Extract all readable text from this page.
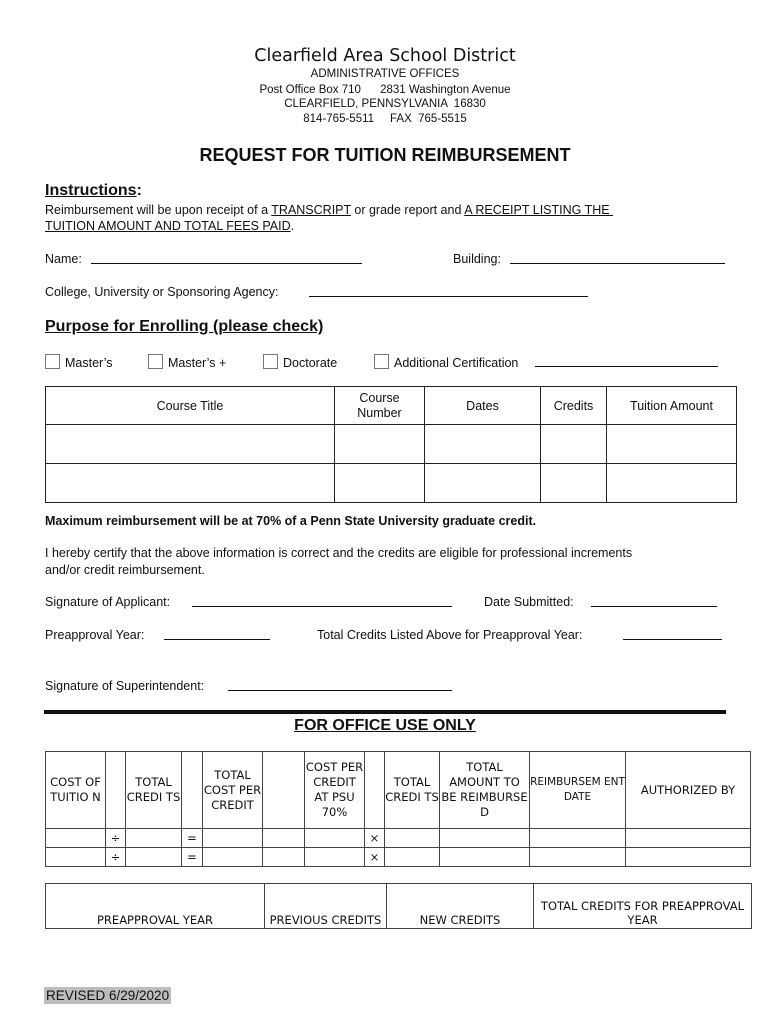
Clearfield Area School District
ADMINISTRATIVE OFFICES
Post Office Box 710      2831 Washington Avenue
CLEARFIELD, PENNSYLVANIA  16830
814-765-5511     FAX  765-5515
REQUEST FOR TUITION REIMBURSEMENT
Instructions:
Reimbursement will be upon receipt of a TRANSCRIPT or grade report and A RECEIPT LISTING THE
TUITION AMOUNT AND TOTAL FEES PAID.
Name:	Building:
College, University or Sponsoring Agency:
Purpose for Enrolling (please check)
Master’s	Master’s +	Doctorate	Additional Certification
Course Title	Course Number	Dates	Credits	Tuition Amount

Maximum reimbursement will be at 70% of a Penn State University graduate credit.
I hereby certify that the above information is correct and the credits are eligible for professional increments
and/or credit reimbursement.
Signature of Applicant:	Date Submitted:
Preapproval Year:	Total Credits Listed Above for Preapproval Year:
Signature of Superintendent:
FOR OFFICE USE ONLY
COST OF TUITIO N		TOTAL CREDI TS		TOTAL COST PER CREDIT		COST PER CREDIT AT PSU 70%		TOTAL CREDI TS	TOTAL AMOUNT TO BE REIMBURSE D	REIMBURSEM ENT DATE	AUTHORIZED BY
	÷		=				×				
	÷		=				×				
PREAPPROVAL YEAR	PREVIOUS CREDITS	NEW CREDITS	TOTAL CREDITS FOR PREAPPROVAL YEAR
REVISED 6/29/2020
